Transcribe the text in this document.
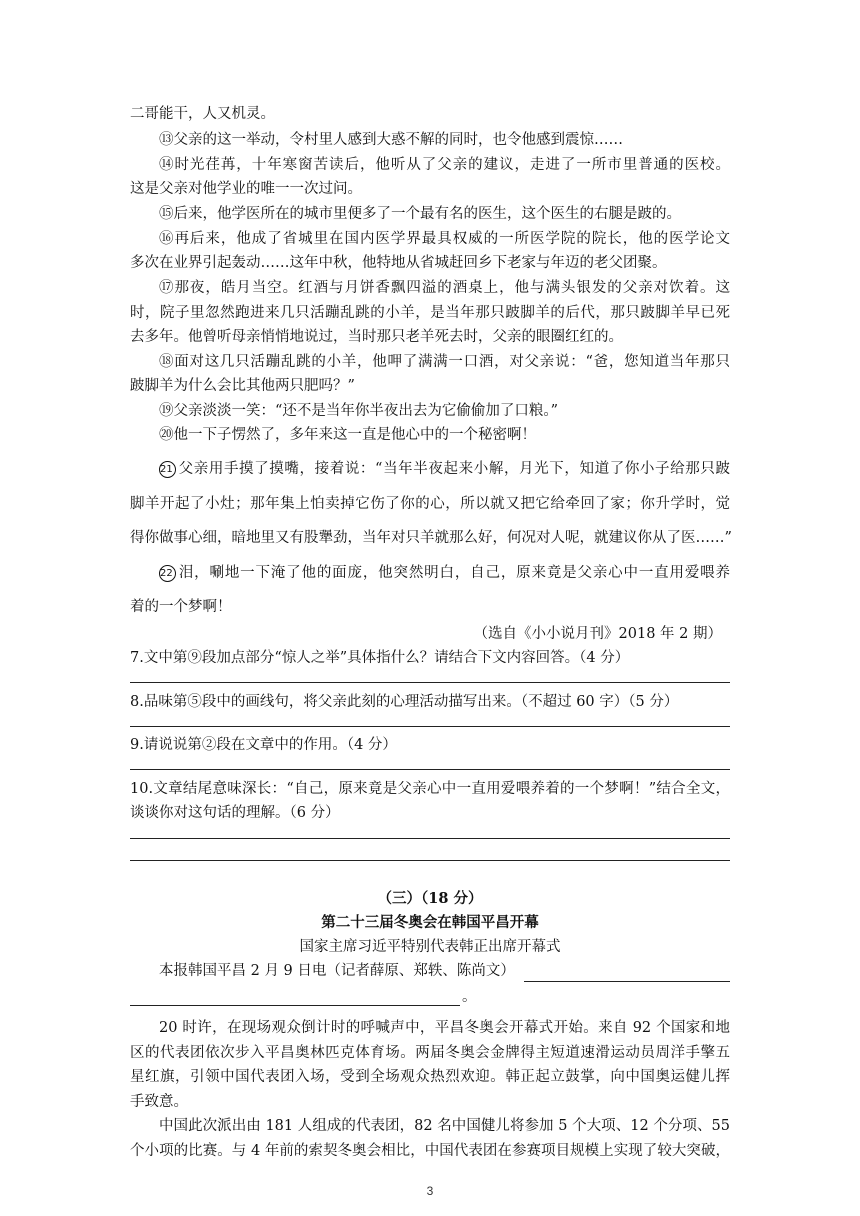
二哥能干，人又机灵。
⑬父亲的这一举动，令村里人感到大惑不解的同时，也令他感到震惊……
⑭时光荏苒，十年寒窗苦读后，他听从了父亲的建议，走进了一所市里普通的医校。
这是父亲对他学业的唯一一次过问。
⑮后来，他学医所在的城市里便多了一个最有名的医生，这个医生的右腿是跛的。
⑯再后来，他成了省城里在国内医学界最具权威的一所医学院的院长，他的医学论文
多次在业界引起轰动……这年中秋，他特地从省城赶回乡下老家与年迈的老父团聚。
⑰那夜，皓月当空。红酒与月饼香飘四溢的酒桌上，他与满头银发的父亲对饮着。这
时，院子里忽然跑进来几只活蹦乱跳的小羊，是当年那只跛脚羊的后代，那只跛脚羊早已死
去多年。他曾听母亲悄悄地说过，当时那只老羊死去时，父亲的眼圈红红的。
⑱面对这几只活蹦乱跳的小羊，他呷了满满一口酒，对父亲说：“爸，您知道当年那只
跛脚羊为什么会比其他两只肥吗？”
⑲父亲淡淡一笑：“还不是当年你半夜出去为它偷偷加了口粮。”
⑳他一下子愣然了，多年来这一直是他心中的一个秘密啊！
21 父亲用手摸了摸嘴，接着说：“当年半夜起来小解，月光下，知道了你小子给那只跛
脚羊开起了小灶；那年集上怕卖掉它伤了你的心，所以就又把它给牵回了家；你升学时，觉
得你做事心细，暗地里又有股犟劲，当年对只羊就那么好，何况对人呢，就建议你从了医……”
22 泪，唰地一下淹了他的面庞，他突然明白，自己，原来竟是父亲心中一直用爱喂养
着的一个梦啊！
（选自《小小说月刊》2018 年 2 期）
7.文中第⑨段加点部分“惊人之举”具体指什么？请结合下文内容回答。（4 分）
8.品味第⑤段中的画线句，将父亲此刻的心理活动描写出来。（不超过 60 字）（5 分）
9.请说说第②段在文章中的作用。（4 分）
10.文章结尾意味深长：“自己，原来竟是父亲心中一直用爱喂养着的一个梦啊！”结合全文，
谈谈你对这句话的理解。（6 分）
（三）（18 分）
第二十三届冬奥会在韩国平昌开幕
国家主席习近平特别代表韩正出席开幕式
本报韩国平昌 2 月 9 日电（记者薛原、郑轶、陈尚文）
。
20 时许，在现场观众倒计时的呼喊声中，平昌冬奥会开幕式开始。来自 92 个国家和地
区的代表团依次步入平昌奥林匹克体育场。两届冬奥会金牌得主短道速滑运动员周洋手擎五
星红旗，引领中国代表团入场，受到全场观众热烈欢迎。韩正起立鼓掌，向中国奥运健儿挥
手致意。
中国此次派出由 181 人组成的代表团，82 名中国健儿将参加 5 个大项、12 个分项、55
个小项的比赛。与 4 年前的索契冬奥会相比，中国代表团在参赛项目规模上实现了较大突破，
3
